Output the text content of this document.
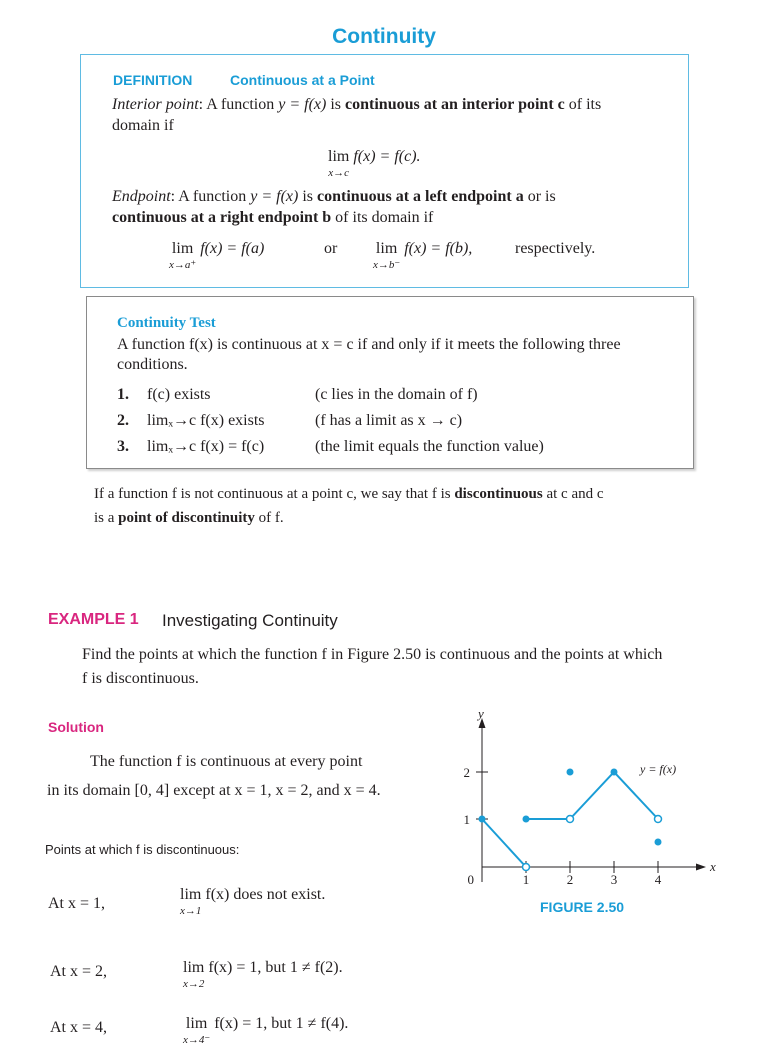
Continuity
DEFINITION	Continuous at a Point
Interior point: A function y = f(x) is continuous at an interior point c of its
domain if
lim
$^{x\to c}$ f(x) = f(c).
Endpoint: A function y = f(x) is continuous at a left endpoint a or is
continuous at a right endpoint b of its domain if
lim
$^{x\to a^+}$ f(x) = f(a)	or lim
$^{x\to b^-}$ f(x) = f(b),	respectively.
Continuity Test
A function f(x) is continuous at x = c if and only if it meets the following three
conditions.
1. f(c) exists	(c lies in the domain of f)
2. limₓ→c f(x) exists	(f has a limit as x → c)
3. limₓ→c f(x) = f(c)	(the limit equals the function value)
If a function f is not continuous at a point c, we say that f is discontinuous at c and c
is a point of discontinuity of f.
EXAMPLE 1 Investigating Continuity
Find the points at which the function f in Figure 2.50 is continuous and the points at which
f is discontinuous.
Solution
The function f is continuous at every point
in its domain [0, 4] except at x = 1, x = 2, and x = 4.
Points at which f is discontinuous:
At x = 1,
lim
$^{x\to 1}$ f(x) does not exist.
At x = 2,	lim
$^{x\to 2}$ f(x) = 1, but 1 ≠ f(2).
At x = 4,	lim
$^{x\to 4^-}$ f(x) = 1, but 1 ≠ f(4).
0	1	2	3	4
1
2
x
y
y = f(x)
FIGURE 2.50
